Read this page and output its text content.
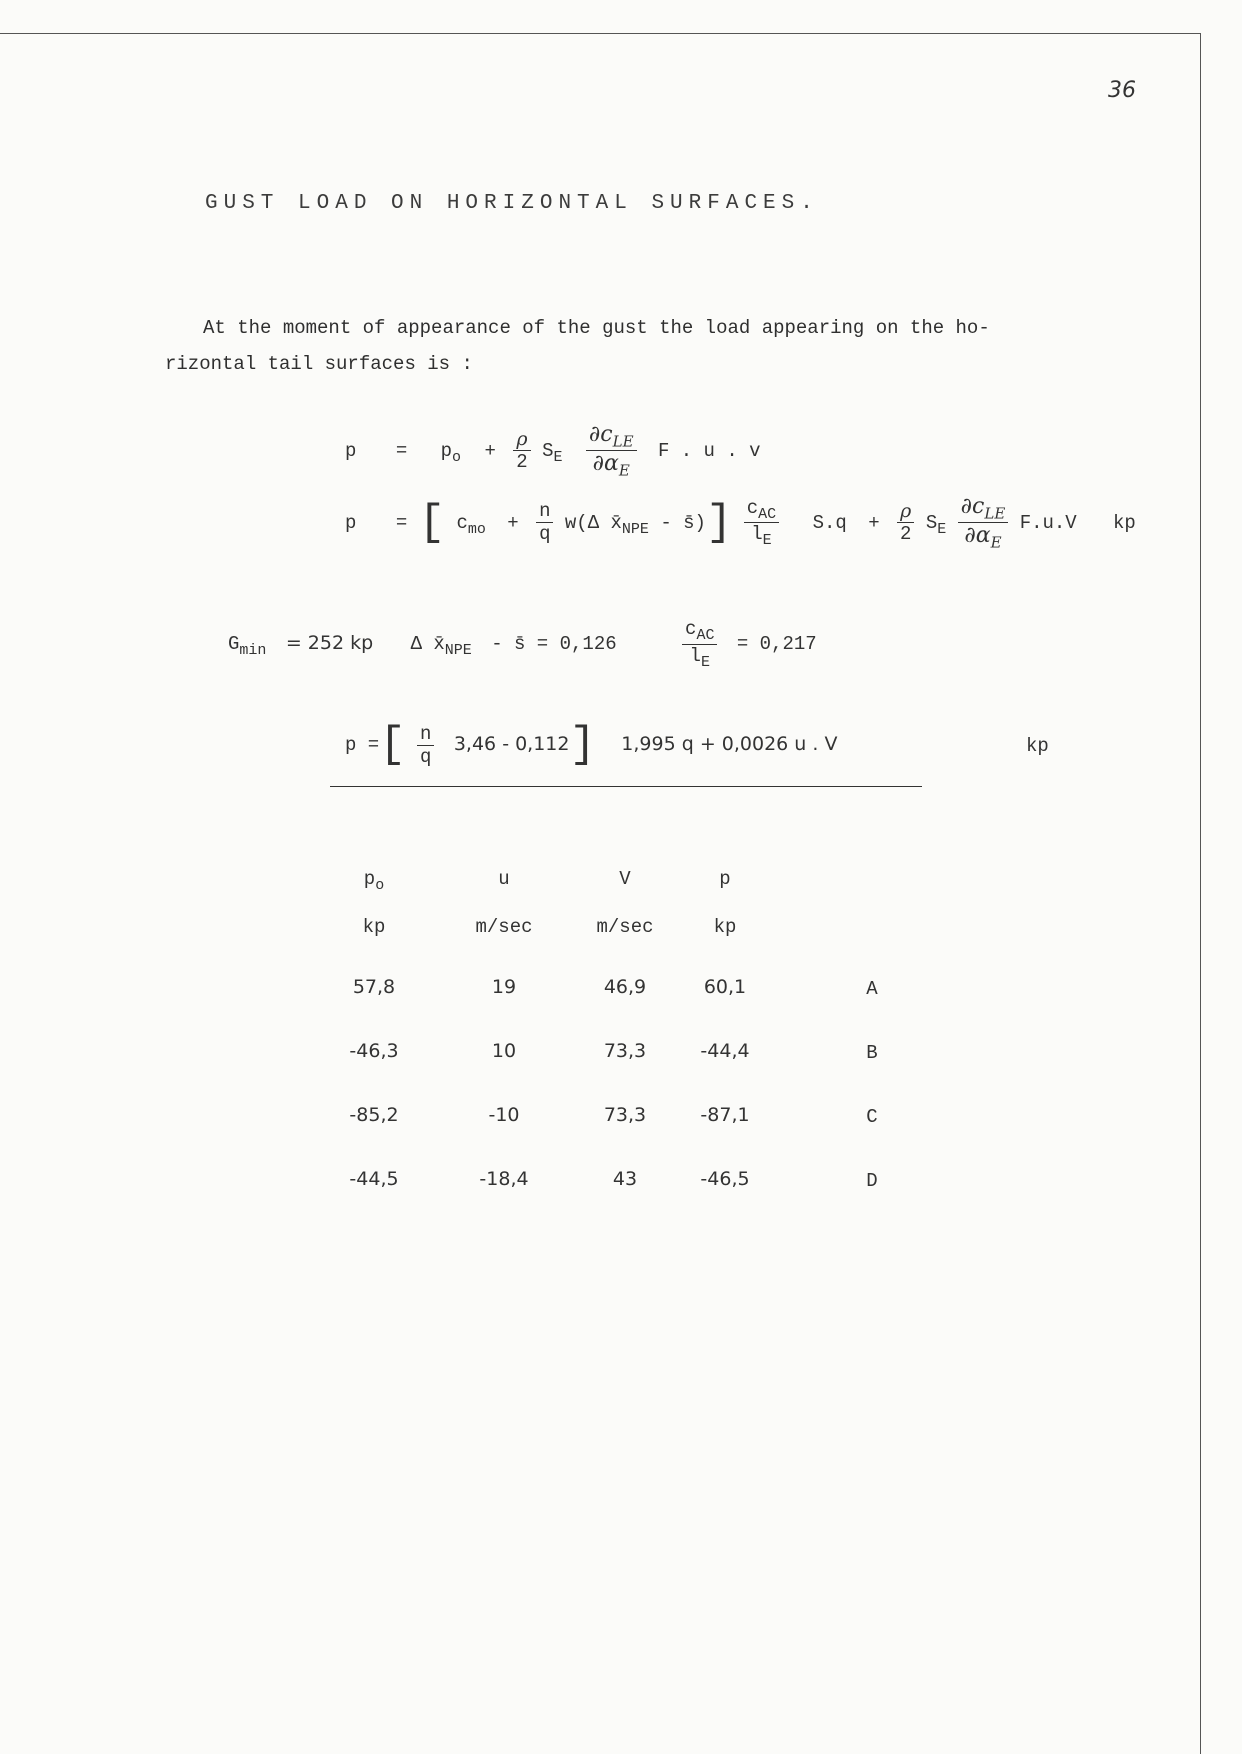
36
GUST LOAD ON HORIZONTAL SURFACES.
At the moment of appearance of the gust the load appearing on the ho-
rizontal tail surfaces is :
$p = p_o + \frac{\rho}{2} S_E \frac{\partial c_{LE}}{\partial\alpha_E}$ F . u . v
p = [ $c_{mo} + \frac{n}{q} w(\Delta$ $x̄_{NPE}$ - s̄)] $\frac{c_{AC}}{l_E} S.q + \frac{\rho}{2} S_E \frac{\partial c_{LE}}{\partial\alpha_E} F.u.V$ kp
$G_{min} = 252$ kp Δ $x̄_{NPE}$ - s̄ = 0,126	$\frac{c_{AC}}{l_E} = 0,217$
p =[ $\frac{n}{q} 3,46 - 0,112$] 1,995 q + 0,0026 u . V	kp
$p_o$	u	V	p
kp	m/sec	m/sec	kp
57,8	19	46,9	60,1	A
-46,3	10	73,3	-44,4	B
-85,2	-10	73,3	-87,1	C
-44,5	-18,4	43	-46,5	D
